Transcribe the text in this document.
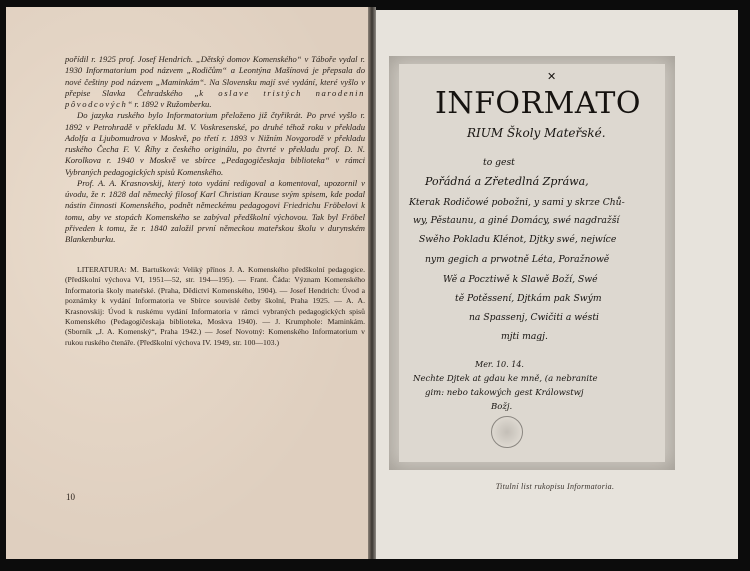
pořídil r. 1925 prof. Josef Hendrich. „Dětský domov Komenského“ v Táboře vydal r. 1930 Informatorium pod názvem „Rodičům“ a Leontýna Mašínová je přepsala do nové češtiny pod názvem „Maminkám“. Na Slovensku mají své vydání, které vyšlo v přepise Slavka Čehradského „k oslave tristých narodenin pôvodcových“ r. 1892 v Ružomberku.

Do jazyka ruského bylo Informatorium přeloženo již čtyřikrát. Po prvé vyšlo r. 1892 v Petrohradě v překladu M. V. Voskresenské, po druhé téhož roku v překladu Adolfa a Ljubomudrova v Moskvě, po třetí r. 1893 v Nižním Novgorodě v překladu ruského Čecha F. V. Říhy z českého originálu, po čtvrté v překladu prof. D. N. Korolkova r. 1940 v Moskvě ve sbírce „Pedagogičeskaja biblioteka“ v rámci Vybraných pedagogických spisů Komenského.

Prof. A. A. Krasnovskij, který toto vydání redigoval a komentoval, upozornil v úvodu, že r. 1828 dal německý filosof Karl Christian Krause svým spisem, kde podal nástin činnosti Komenského, podnět německému pedagogovi Friedrichu Fröbelovi k tomu, aby ve stopách Komenského se zabýval předškolní výchovou. Tak byl Fröbel přiveden k tomu, že r. 1840 založil první německou mateřskou školu v durynském Blankenburku.

LITERATURA: M. Bartušková: Veliký přínos J. A. Komenského předškolní pedagogice. (Předškolní výchova VI, 1951—52, str. 194—195). — Frant. Čáda: Význam Komenského Informatoria školy mateřské. (Praha, Dědictví Komenského, 1904). — Josef Hendrich: Úvod a poznámky k vydání Informatoria ve Sbírce souvislé četby školní, Praha 1925. — A. A. Krasnovskij: Úvod k ruskému vydání Informatoria v rámci vybraných pedagogických spisů Komenského (Pedagogičeskaja biblioteka, Moskva 1940). — J. Krumphole: Maminkám. (Sborník „J. A. Komenský“, Praha 1942.) — Josef Novotný: Komenského Informatorium v rukou ruského čtenáře. (Předškolní výchova IV. 1949, str. 100—103.)

10
✕
INFORMATO
RIUM Školy Mateřské.
to gest
Pořádná a Zřetedlná Zpráwa,
Kterak Rodičowé pobožni, y sami y skrze Chů-
wy, Pěstaunu, a giné Domácy, swé nagdražší
Swěho Pokladu Klénot, Djtky swé, nejwíce
nym gegich a prwotně Léta, Poražnowě
Wě a Pocztiwě k Slawě Boží, Swé
tě Potěssení, Djtkám pak Swým
na Spassenj, Cwičiti a wésti
mjti magj.
Mer. 10. 14.
Nechte Djtek at gdau ke mně, (a nebranite
gim: nebo takowých gest Králowstwj
Božj.
Titulní list rukopisu Informatoria.
